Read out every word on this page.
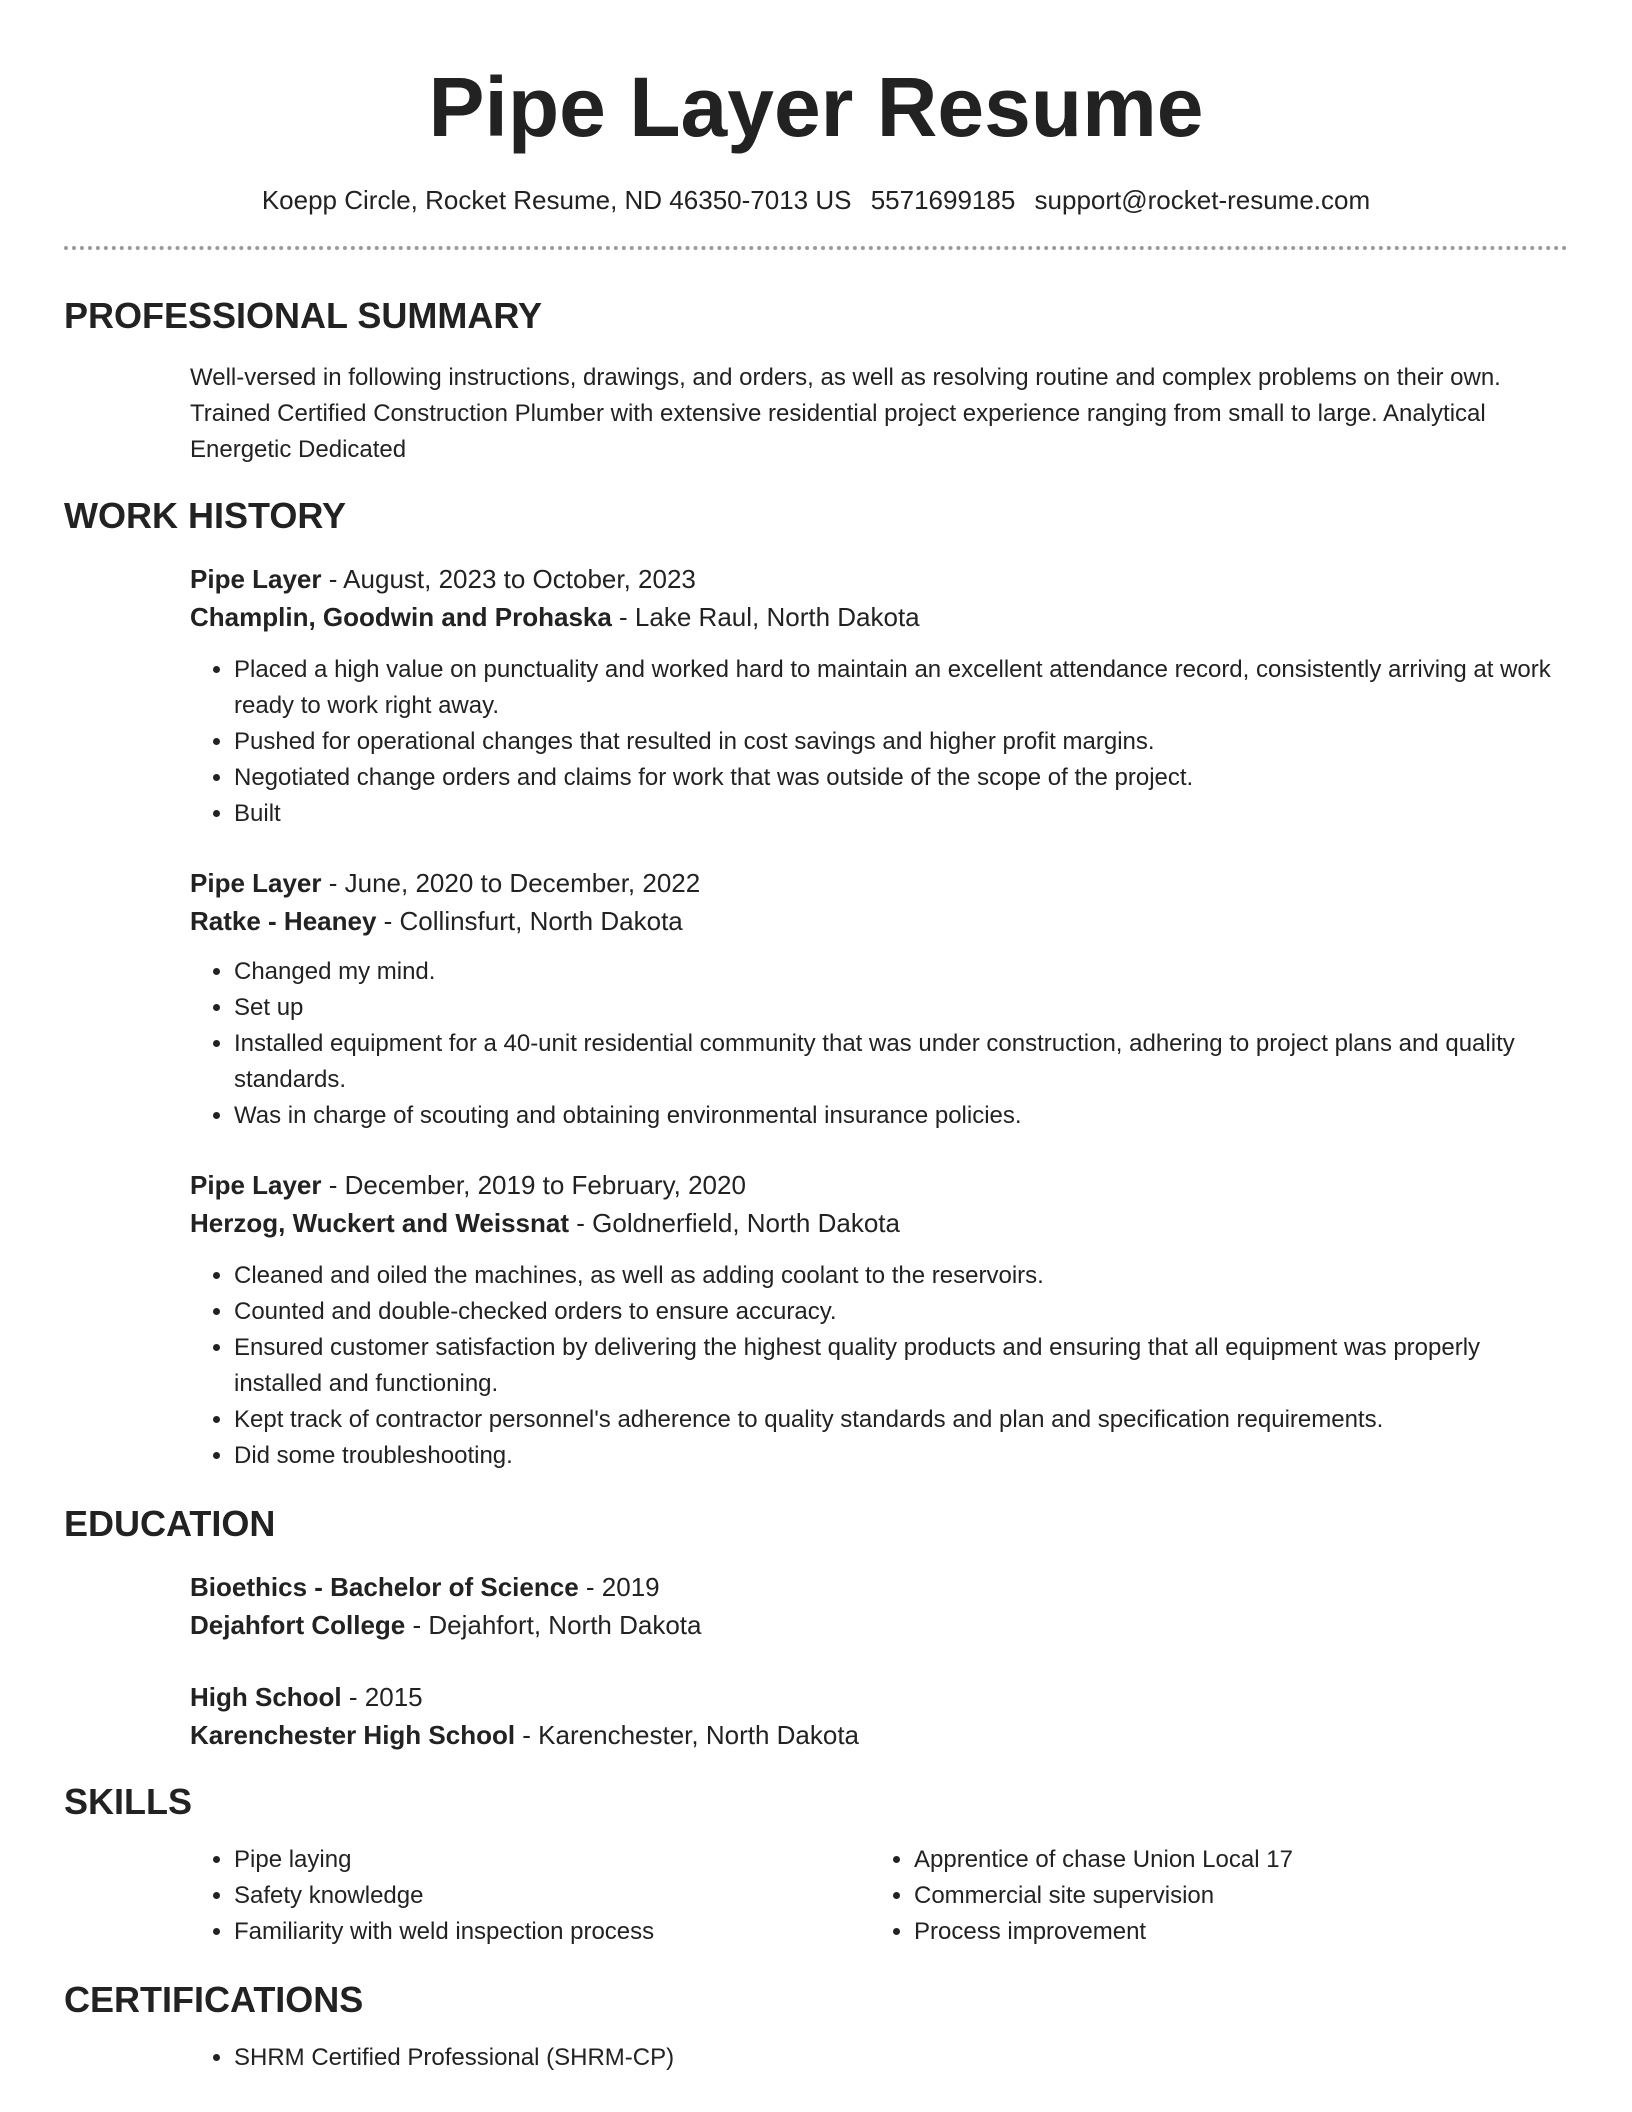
Pipe Layer Resume
Koepp Circle, Rocket Resume, ND 46350-7013 US 5571699185 support@rocket-resume.com
PROFESSIONAL SUMMARY
Well-versed in following instructions, drawings, and orders, as well as resolving routine and complex problems on their own. Trained Certified Construction Plumber with extensive residential project experience ranging from small to large. Analytical Energetic Dedicated
WORK HISTORY
Pipe Layer - August, 2023 to October, 2023
Champlin, Goodwin and Prohaska - Lake Raul, North Dakota
• Placed a high value on punctuality and worked hard to maintain an excellent attendance record, consistently arriving at work ready to work right away.
• Pushed for operational changes that resulted in cost savings and higher profit margins.
• Negotiated change orders and claims for work that was outside of the scope of the project.
• Built
Pipe Layer - June, 2020 to December, 2022
Ratke - Heaney - Collinsfurt, North Dakota
• Changed my mind.
• Set up
• Installed equipment for a 40-unit residential community that was under construction, adhering to project plans and quality standards.
• Was in charge of scouting and obtaining environmental insurance policies.
Pipe Layer - December, 2019 to February, 2020
Herzog, Wuckert and Weissnat - Goldnerfield, North Dakota
• Cleaned and oiled the machines, as well as adding coolant to the reservoirs.
• Counted and double-checked orders to ensure accuracy.
• Ensured customer satisfaction by delivering the highest quality products and ensuring that all equipment was properly installed and functioning.
• Kept track of contractor personnel's adherence to quality standards and plan and specification requirements.
• Did some troubleshooting.
EDUCATION
Bioethics - Bachelor of Science - 2019
Dejahfort College - Dejahfort, North Dakota
High School - 2015
Karenchester High School - Karenchester, North Dakota
SKILLS
• Pipe laying
• Safety knowledge
• Familiarity with weld inspection process
• Apprentice of chase Union Local 17
• Commercial site supervision
• Process improvement
CERTIFICATIONS
• SHRM Certified Professional (SHRM-CP)
